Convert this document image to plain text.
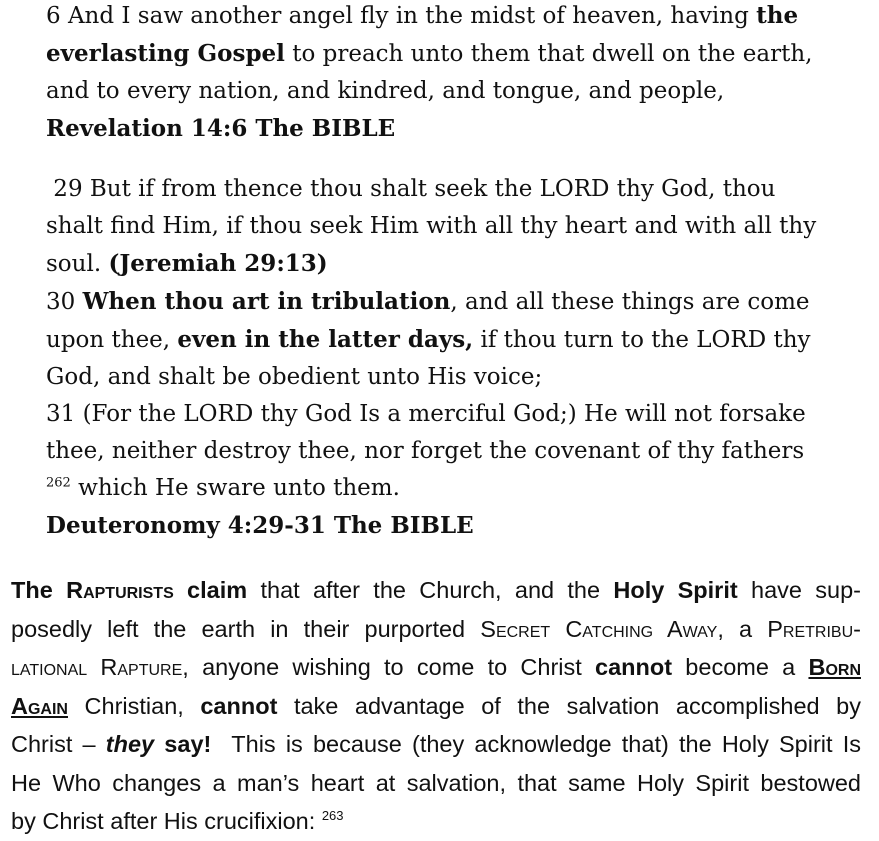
6 And I saw another angel fly in the midst of heaven, having the
everlasting Gospel to preach unto them that dwell on the earth,
and to every nation, and kindred, and tongue, and people,
Revelation 14:6 The BIBLE
29 But if from thence thou shalt seek the LORD thy God, thou
shalt find Him, if thou seek Him with all thy heart and with all thy
soul. (Jeremiah 29:13)
30 When thou art in tribulation, and all these things are come
upon thee, even in the latter days, if thou turn to the LORD thy
God, and shalt be obedient unto His voice;
31 (For the LORD thy God Is a merciful God;) He will not forsake
thee, neither destroy thee, nor forget the covenant of thy fathers
$^{262}$ which He sware unto them.
Deuteronomy 4:29-31 The BIBLE
The Rapturists claim that after the Church, and the Holy Spirit have sup-
posedly left the earth in their purported Secret Catching Away, a Pretribu-
lational Rapture, anyone wishing to come to Christ cannot become a Born
Again Christian, cannot take advantage of the salvation accomplished by
Christ – they say!  This is because (they acknowledge that) the Holy Spirit Is
He Who changes a man’s heart at salvation, that same Holy Spirit bestowed
by Christ after His crucifixion: $^{263}$
